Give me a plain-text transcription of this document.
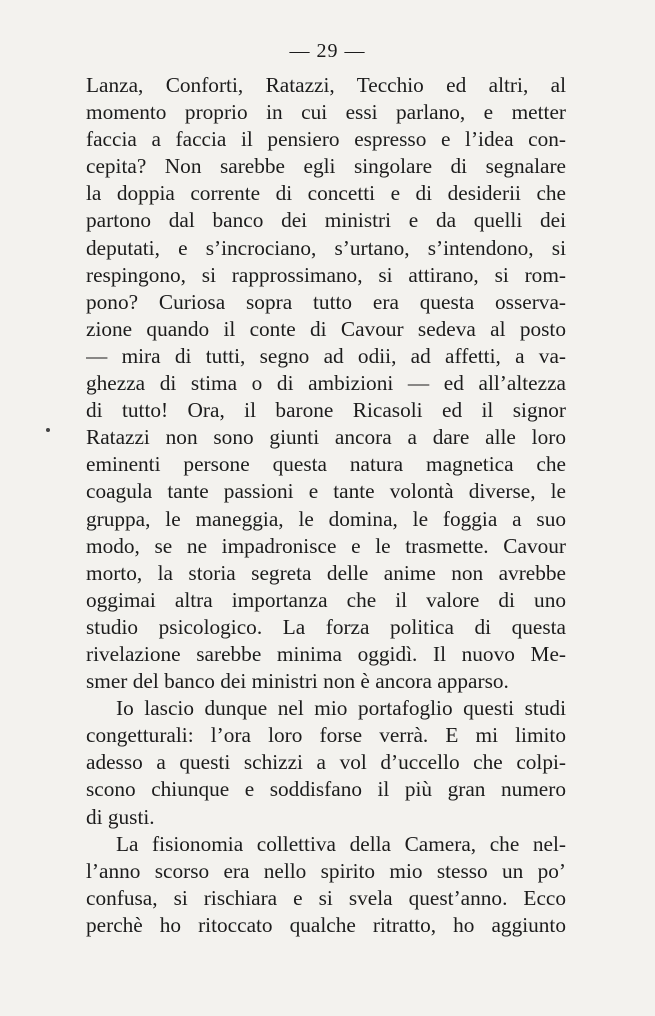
— 29 —
Lanza, Conforti, Ratazzi, Tecchio ed altri, al
momento proprio in cui essi parlano, e metter
faccia a faccia il pensiero espresso e l’idea con-
cepita? Non sarebbe egli singolare di segnalare
la doppia corrente di concetti e di desiderii che
partono dal banco dei ministri e da quelli dei
deputati, e s’incrociano, s’urtano, s’intendono, si
respingono, si rapprossimano, si attirano, si rom-
pono? Curiosa sopra tutto era questa osserva-
zione quando il conte di Cavour sedeva al posto
— mira di tutti, segno ad odii, ad affetti, a va-
ghezza di stima o di ambizioni — ed all’altezza
di tutto! Ora, il barone Ricasoli ed il signor
Ratazzi non sono giunti ancora a dare alle loro
eminenti persone questa natura magnetica che
coagula tante passioni e tante volontà diverse, le
gruppa, le maneggia, le domina, le foggia a suo
modo, se ne impadronisce e le trasmette. Cavour
morto, la storia segreta delle anime non avrebbe
oggimai altra importanza che il valore di uno
studio psicologico. La forza politica di questa
rivelazione sarebbe minima oggidì. Il nuovo Me-
smer del banco dei ministri non è ancora apparso.
Io lascio dunque nel mio portafoglio questi studi
congetturali: l’ora loro forse verrà. E mi limito
adesso a questi schizzi a vol d’uccello che colpi-
scono chiunque e soddisfano il più gran numero
di gusti.
La fisionomia collettiva della Camera, che nel-
l’anno scorso era nello spirito mio stesso un po’
confusa, si rischiara e si svela quest’anno. Ecco
perchè ho ritoccato qualche ritratto, ho aggiunto
